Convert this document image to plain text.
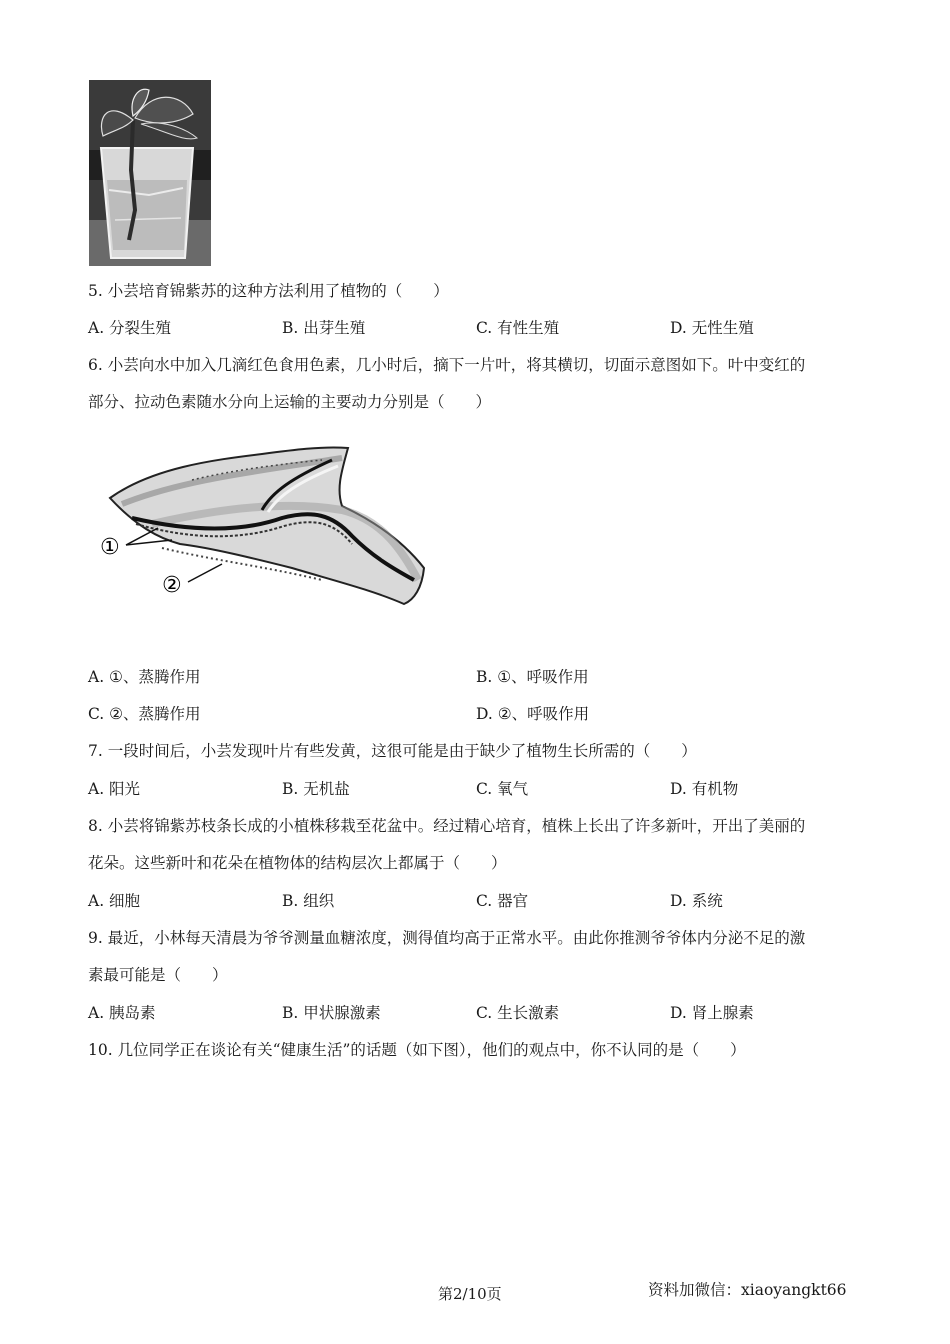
5. 小芸培育锦紫苏的这种方法利用了植物的（　　）
A. 分裂生殖	B. 出芽生殖	C. 有性生殖	D. 无性生殖
6. 小芸向水中加入几滴红色食用色素，几小时后，摘下一片叶，将其横切，切面示意图如下。叶中变红的
部分、拉动色素随水分向上运输的主要动力分别是（　　）
①
②
A. ①、蒸腾作用	B. ①、呼吸作用
C. ②、蒸腾作用	D. ②、呼吸作用
7. 一段时间后，小芸发现叶片有些发黄，这很可能是由于缺少了植物生长所需的（　　）
A. 阳光	B. 无机盐	C. 氧气	D. 有机物
8. 小芸将锦紫苏枝条长成的小植株移栽至花盆中。经过精心培育，植株上长出了许多新叶，开出了美丽的
花朵。这些新叶和花朵在植物体的结构层次上都属于（　　）
A. 细胞	B. 组织	C. 器官	D. 系统
9. 最近，小林每天清晨为爷爷测量血糖浓度，测得值均高于正常水平。由此你推测爷爷体内分泌不足的激
素最可能是（　　）
A. 胰岛素	B. 甲状腺激素	C. 生长激素	D. 肾上腺素
10. 几位同学正在谈论有关“健康生活”的话题（如下图），他们的观点中，你不认同的是（　　）
第2/10页	资料加微信：xiaoyangkt66
